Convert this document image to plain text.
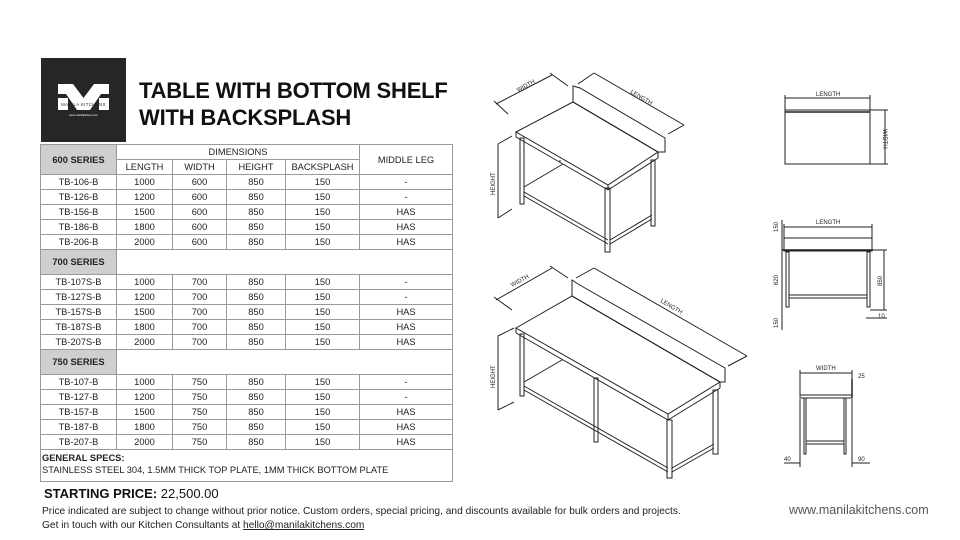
MANILA KITCHENS
www.manilakitchens.com
TABLE WITH BOTTOM SHELF
WITH BACKSPLASH
600 SERIES	DIMENSIONS				MIDDLE LEG
	LENGTH	WIDTH	HEIGHT	BACKSPLASH	
TB-106-B	1000	600	850	150	-
TB-126-B	1200	600	850	150	-
TB-156-B	1500	600	850	150	HAS
TB-186-B	1800	600	850	150	HAS
TB-206-B	2000	600	850	150	HAS
700 SERIES					
TB-107S-B	1000	700	850	150	-
TB-127S-B	1200	700	850	150	-
TB-157S-B	1500	700	850	150	HAS
TB-187S-B	1800	700	850	150	HAS
TB-207S-B	2000	700	850	150	HAS
750 SERIES					
TB-107-B	1000	750	850	150	-
TB-127-B	1200	750	850	150	-
TB-157-B	1500	750	850	150	HAS
TB-187-B	1800	750	850	150	HAS
TB-207-B	2000	750	850	150	HAS

GENERAL SPECS:
STAINLESS STEEL 304, 1.5MM THICK TOP PLATE, 1MM THICK BOTTOM PLATE					
STARTING PRICE: 22,500.00
Price indicated are subject to change without prior notice. Custom orders, special pricing, and discounts available for bulk orders and projects.
Get in touch with our Kitchen Consultants at hello@manilakitchens.com
www.manilakitchens.com
WIDTH
LENGTH
HEIGHT
WIDTH
LENGTH
HEIGHT
LENGTH
WIDTH
150
620
150
LENGTH
850
10
WIDTH
25
40	90
